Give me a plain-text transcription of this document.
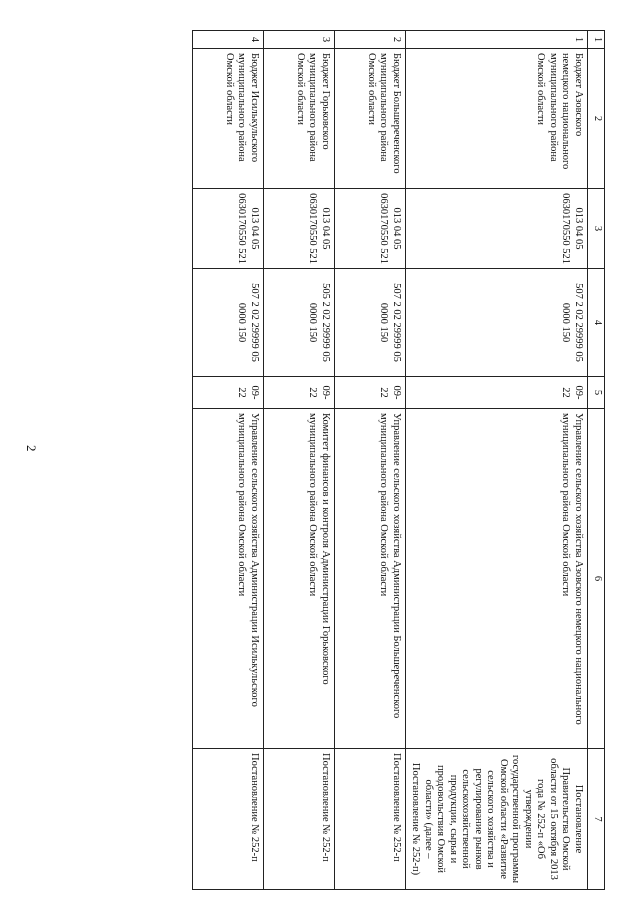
2
1	2	3	4	5	6	7
1	Бюджет Азовского немецкого национального муниципального района Омской области	013 04 05 0630170550 521	507 2 02 29999 05 0000 150	09-22	Управление сельского хозяйства Азовского немецкого национального муниципального района Омской области	Постановление Правительства Омской области от 15 октября 2013 года № 252-п «Об утверждении государственной программы Омской области «Развитие сельского хозяйства и регулирование рынков сельскохозяйственной продукции, сырья и продовольствия Омской области» (далее – Постановление № 252-п)
2	Бюджет Большереченского муниципального района Омской области	013 04 05 0630170550 521	507 2 02 29999 05 0000 150	09-22	Управление сельского хозяйства Администрации Большереченского муниципального района Омской области	Постановление № 252-п
3	Бюджет Горьковского муниципального района Омской области	013 04 05 0630170550 521	505 2 02 29999 05 0000 150	09-22	Комитет финансов и контроля Администрации Горьковского муниципального района Омской области	Постановление № 252-п
4	Бюджет Исилькульского муниципального района Омской области	013 04 05 0630170550 521	507 2 02 29999 05 0000 150	09-22	Управление сельского хозяйства Администрации Исилькульского муниципального района Омской области	Постановление № 252-п
